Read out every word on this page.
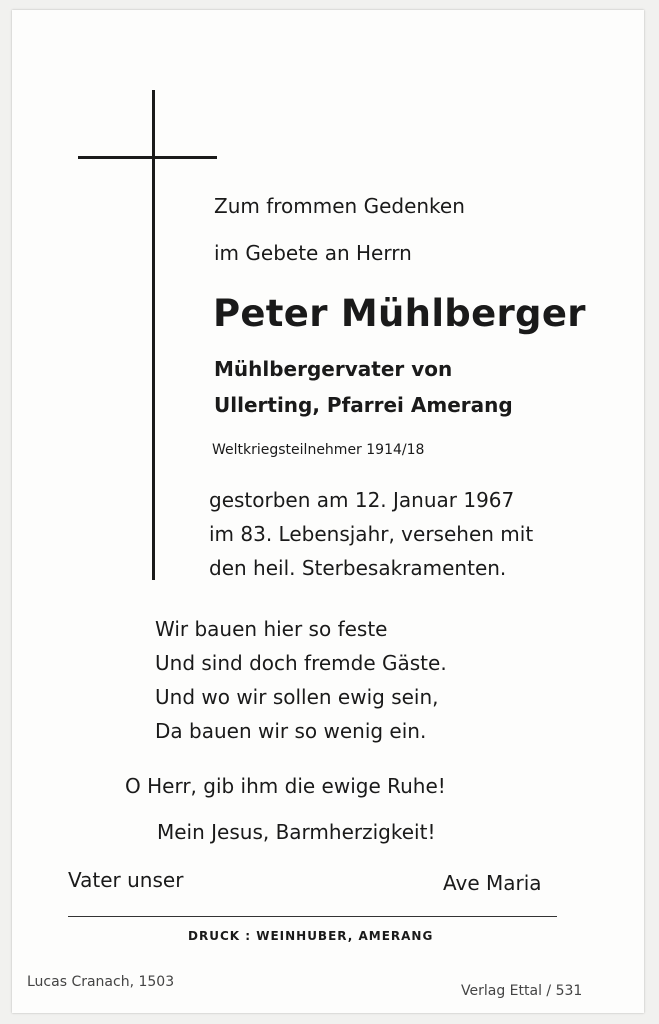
Zum frommen Gedenken

im Gebete an Herrn

Peter Mühlberger

Mühlbergervater von

Ullerting, Pfarrei Amerang

Weltkriegsteilnehmer 1914/18

gestorben am 12. Januar 1967

im 83. Lebensjahr, versehen mit

den heil. Sterbesakramenten.

Wir bauen hier so feste

Und sind doch fremde Gäste.

Und wo wir sollen ewig sein,

Da bauen wir so wenig ein.

O Herr, gib ihm die ewige Ruhe!

Mein Jesus, Barmherzigkeit!

Vater unser	Ave Maria

DRUCK : WEINHUBER, AMERANG

Lucas Cranach, 1503

Verlag Ettal / 531
